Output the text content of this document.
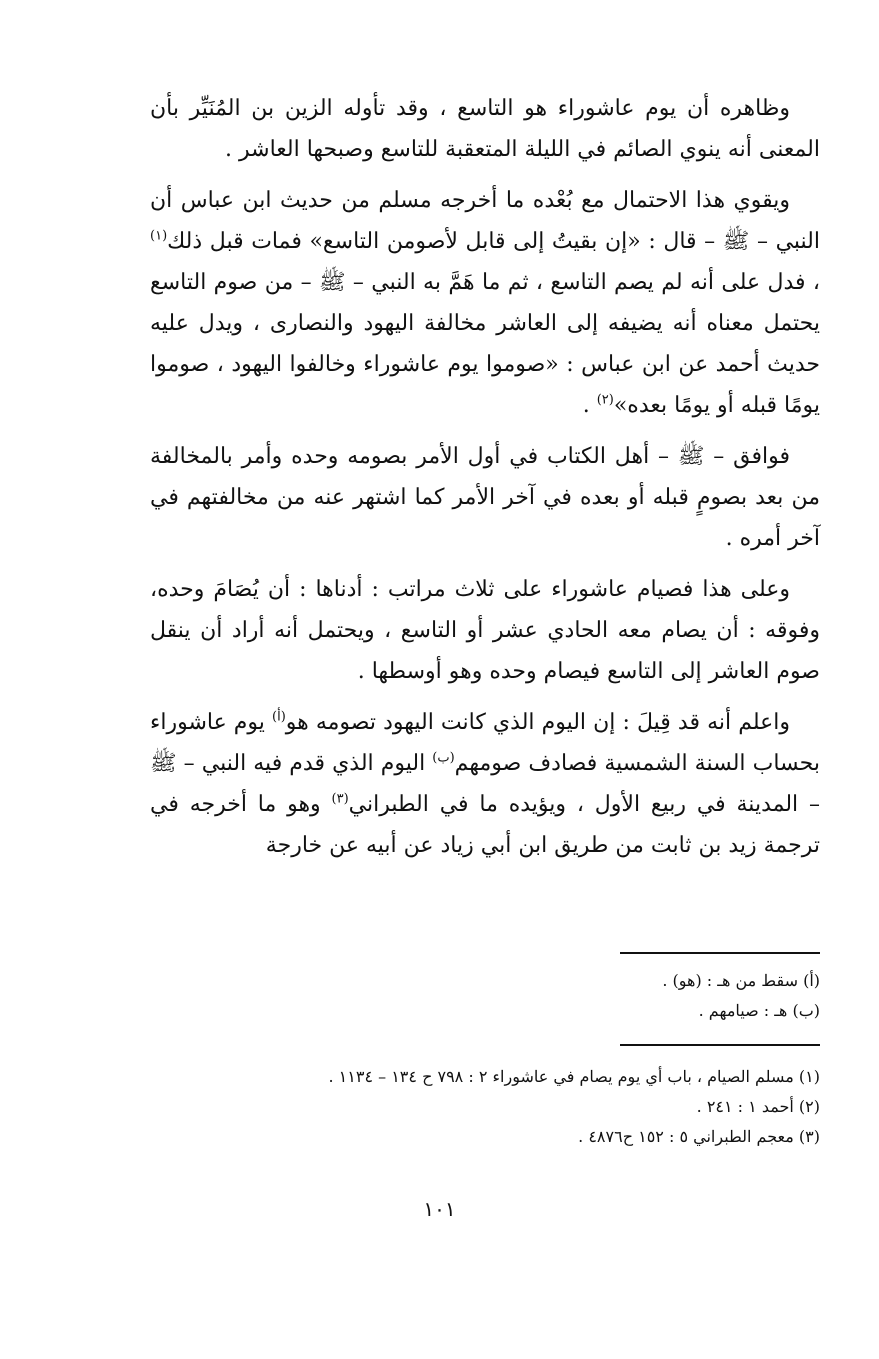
وظاهره أن يوم عاشوراء هو التاسع ، وقد تأوله الزين بن المُنَيِّر بأن المعنى أنه ينوي الصائم في الليلة المتعقبة للتاسع وصبحها العاشر .

ويقوي هذا الاحتمال مع بُعْده ما أخرجه مسلم من حديث ابن عباس أن النبي – ﷺ – قال : «إن بقيتُ إلى قابل لأصومن التاسع» فمات قبل ذلك$^{(١)}$ ، فدل على أنه لم يصم التاسع ، ثم ما هَمَّ به النبي – ﷺ – من صوم التاسع يحتمل معناه أنه يضيفه إلى العاشر مخالفة اليهود والنصارى ، ويدل عليه حديث أحمد عن ابن عباس : «صوموا يوم عاشوراء وخالفوا اليهود ، صوموا يومًا قبله أو يومًا بعده»$^{(٢)}$ .

فوافق – ﷺ – أهل الكتاب في أول الأمر بصومه وحده وأمر بالمخالفة من بعد بصومٍ قبله أو بعده في آخر الأمر كما اشتهر عنه من مخالفتهم في آخر أمره .

وعلى هذا فصيام عاشوراء على ثلاث مراتب : أدناها : أن يُصَامَ وحده، وفوقه : أن يصام معه الحادي عشر أو التاسع ، ويحتمل أنه أراد أن ينقل صوم العاشر إلى التاسع فيصام وحده وهو أوسطها .

واعلم أنه قد قِيلَ : إن اليوم الذي كانت اليهود تصومه هو$^{(أ)}$ يوم عاشوراء بحساب السنة الشمسية فصادف صومهم$^{(ب)}$ اليوم الذي قدم فيه النبي – ﷺ – المدينة في ربيع الأول ، ويؤيده ما في الطبراني$^{(٣)}$ وهو ما أخرجه في ترجمة زيد بن ثابت من طريق ابن أبي زياد عن أبيه عن خارجة

(أ) سقط من هـ : (هو) .

(ب) هـ : صيامهم .

(١) مسلم الصيام ، باب أي يوم يصام في عاشوراء ٢ : ٧٩٨ ح ١٣٤ – ١١٣٤ .

(٢) أحمد ١ : ٢٤١ .

(٣) معجم الطبراني ٥ : ١٥٢ ح٤٨٧٦ .

١٠١
